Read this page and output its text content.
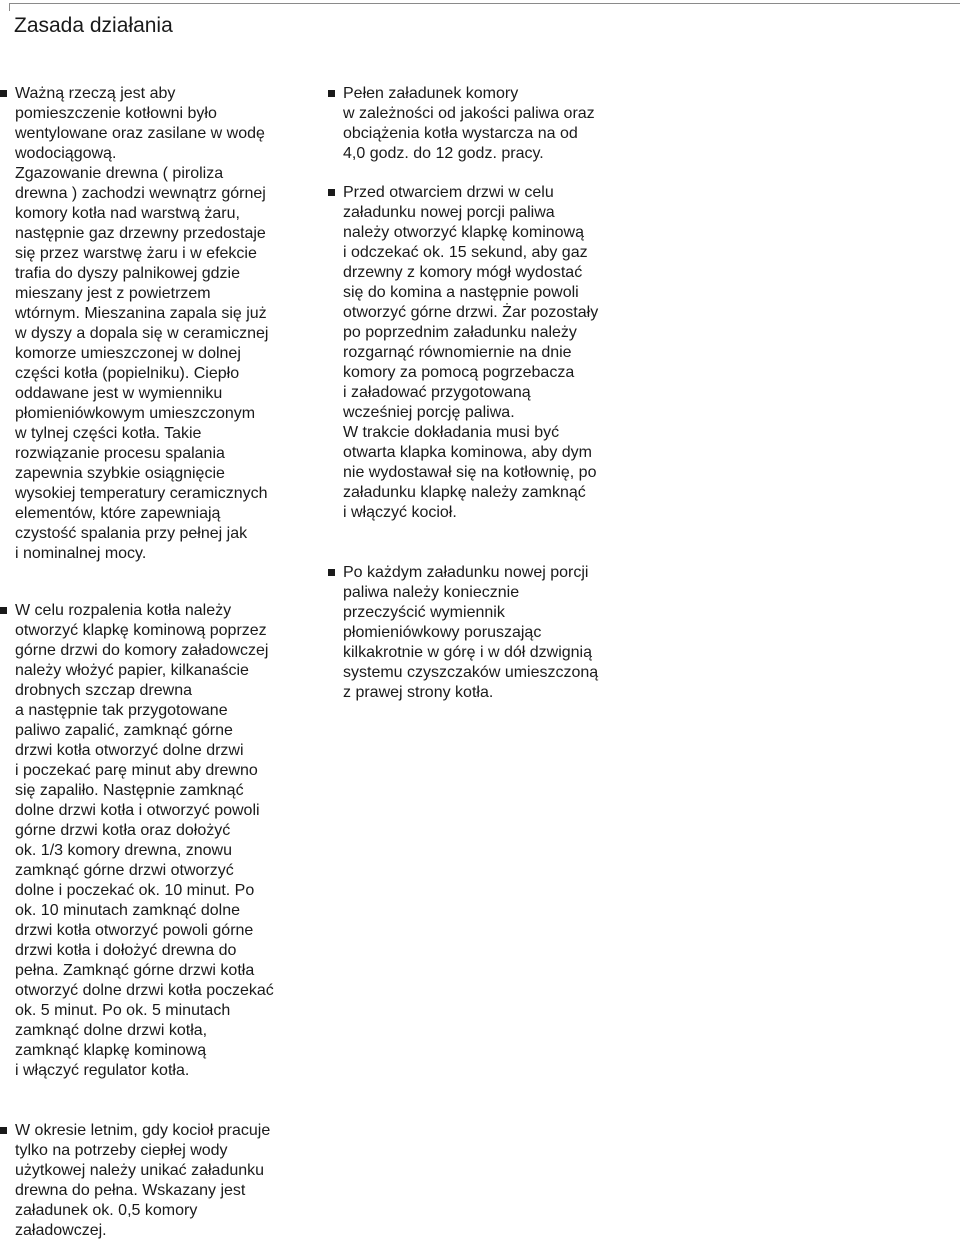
Zasada działania
Ważną rzeczą jest aby
pomieszczenie kotłowni było
wentylowane oraz zasilane w wodę
wodociągową.
Zgazowanie drewna ( piroliza
drewna ) zachodzi wewnątrz górnej
komory kotła nad warstwą żaru,
następnie gaz drzewny przedostaje
się przez warstwę żaru i w efekcie
trafia do dyszy palnikowej gdzie
mieszany jest z powietrzem
wtórnym. Mieszanina zapala się już
w dyszy a dopala się w ceramicznej
komorze umieszczonej w dolnej
części kotła (popielniku). Ciepło
oddawane jest w wymienniku
płomieniówkowym umieszczonym
w tylnej części kotła. Takie
rozwiązanie procesu spalania
zapewnia szybkie osiągnięcie
wysokiej temperatury ceramicznych
elementów, które zapewniają
czystość spalania przy pełnej jak
i nominalnej mocy.
W celu rozpalenia kotła należy
otworzyć klapkę kominową poprzez
górne drzwi do komory załadowczej
należy włożyć papier, kilkanaście
drobnych szczap drewna
a następnie tak przygotowane
paliwo zapalić, zamknąć górne
drzwi kotła otworzyć dolne drzwi
i poczekać parę minut aby drewno
się zapaliło. Następnie zamknąć
dolne drzwi kotła i otworzyć powoli
górne drzwi kotła oraz dołożyć
ok. 1/3 komory drewna, znowu
zamknąć górne drzwi otworzyć
dolne i poczekać ok. 10 minut. Po
ok. 10 minutach zamknąć dolne
drzwi kotła otworzyć powoli górne
drzwi kotła i dołożyć drewna do
pełna. Zamknąć górne drzwi kotła
otworzyć dolne drzwi kotła poczekać
ok. 5 minut. Po ok. 5 minutach
zamknąć dolne drzwi kotła,
zamknąć klapkę kominową
i włączyć regulator kotła.
W okresie letnim, gdy kocioł pracuje
tylko na potrzeby ciepłej wody
użytkowej należy unikać załadunku
drewna do pełna. Wskazany jest
załadunek ok. 0,5 komory
załadowczej.
Pełen załadunek komory
w zależności od jakości paliwa oraz
obciążenia kotła wystarcza na od
4,0 godz. do 12 godz. pracy.
Przed otwarciem drzwi w celu
załadunku nowej porcji paliwa
należy otworzyć klapkę kominową
i odczekać ok. 15 sekund, aby gaz
drzewny z komory mógł wydostać
się do komina a następnie powoli
otworzyć górne drzwi. Żar pozostały
po poprzednim załadunku należy
rozgarnąć równomiernie na dnie
komory za pomocą pogrzebacza
i załadować przygotowaną
wcześniej porcję paliwa.
W trakcie dokładania musi być
otwarta klapka kominowa, aby dym
nie wydostawał się na kotłownię, po
załadunku klapkę należy zamknąć
i włączyć kocioł.
Po każdym załadunku nowej porcji
paliwa należy koniecznie
przeczyścić wymiennik
płomieniówkowy poruszając
kilkakrotnie w górę i w dół dzwignią
systemu czyszczaków umieszczoną
z prawej strony kotła.
